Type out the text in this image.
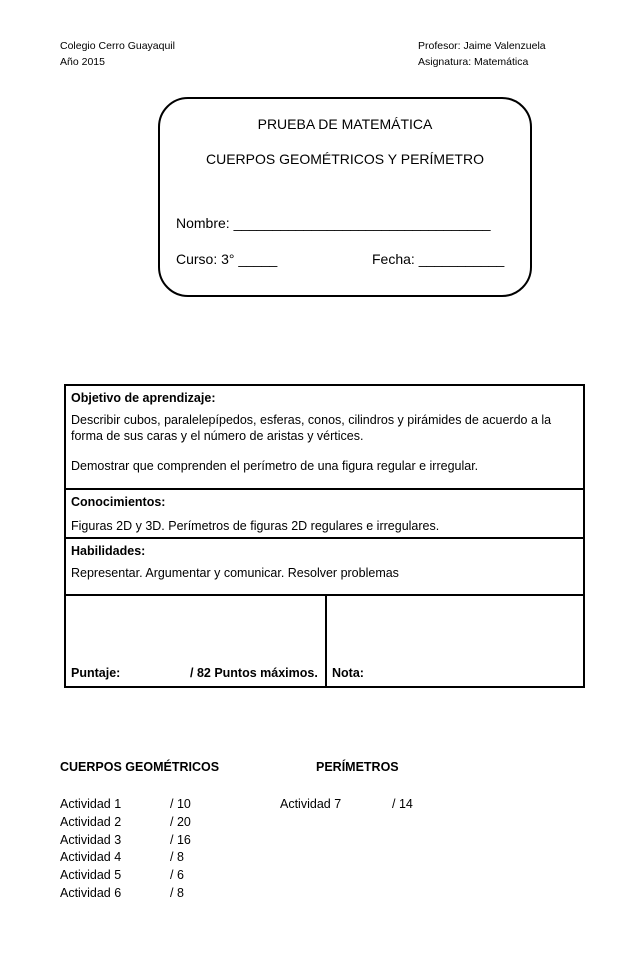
Colegio Cerro Guayaquil
Año 2015
Profesor: Jaime Valenzuela
Asignatura: Matemática
PRUEBA DE MATEMÁTICA
CUERPOS GEOMÉTRICOS Y PERÍMETRO
Nombre: _________________________________
Curso: 3° _____	Fecha: ___________
Objetivo de aprendizaje:
Describir cubos, paralelepípedos, esferas, conos, cilindros y pirámides de acuerdo a la forma de sus caras y el número de aristas y vértices.
Demostrar que comprenden el perímetro de una figura regular e irregular.
Conocimientos:
Figuras 2D y 3D. Perímetros de figuras 2D regulares e irregulares.
Habilidades:
Representar. Argumentar y comunicar. Resolver problemas
Puntaje:	/ 82 Puntos máximos. Nota:
CUERPOS GEOMÉTRICOS	PERÍMETROS
Actividad 1	/ 10
Actividad 2	/ 20
Actividad 3	/ 16
Actividad 4	/ 8
Actividad 5	/ 6
Actividad 6	/ 8
Actividad 7	/ 14
